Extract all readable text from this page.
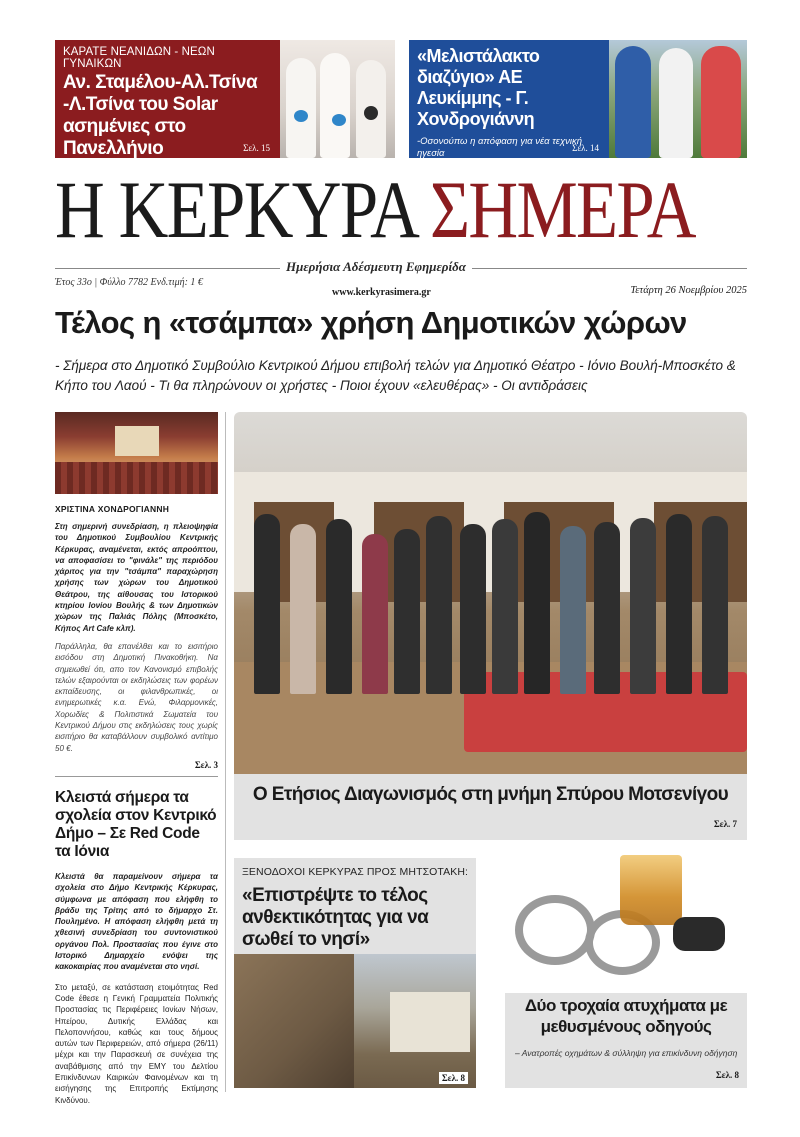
ΚΑΡΑΤΕ ΝΕΑΝΙΔΩΝ - ΝΕΩΝ ΓΥΝΑΙΚΩΝ
Αν. Σταμέλου-Αλ.Τσίνα -Λ.Τσίνα του Solar ασημένιες στο Πανελλήνιο	Σελ. 15
«Μελιστάλακτο διαζύγιο» ΑΕ Λευκίμμης - Γ. Χονδρογιάννη
-Οσονούπω η απόφαση για νέα τεχνική ηγεσία	Σελ. 14
Η ΚΕΡΚΥΡΑ ΣΗΜΕΡΑ
Ημερήσια Αδέσμευτη Εφημερίδα
Έτος 33ο | Φύλλο 7782 Ενδ.τιμή: 1 €
www.kerkyrasimera.gr	Τετάρτη 26 Νοεμβρίου 2025
Τέλος η «τσάμπα» χρήση Δημοτικών χώρων
- Σήμερα στο Δημοτικό Συμβούλιο Κεντρικού Δήμου επιβολή τελών για Δημοτικό Θέατρο - Ιόνιο Βουλή-Μποσκέτο & Κήπο του Λαού - Τι θα πληρώνουν οι χρήστες - Ποιοι έχουν «ελευθέρας» - Οι αντιδράσεις
ΧΡΙΣΤΙΝΑ ΧΟΝΔΡΟΓΙΑΝΝΗ
Στη σημερινή συνεδρίαση, η πλειοψηφία του Δημοτικού Συμβουλίου Κεντρικής Κέρκυρας, αναμένεται, εκτός απροόπτου, να αποφασίσει το "φινάλε" της περιόδου χάριτος για την "τσάμπα" παραχώρηση χρήσης των χώρων του Δημοτικού Θεάτρου, της αίθουσας του Ιστορικού κτηρίου Ιονίου Βουλής & των Δημοτικών χώρων της Παλιάς Πόλης (Μποσκέτο, Κήπος Art Cafe κλπ).
Παράλληλα, θα επανέλθει και το εισιτήριο εισόδου στη Δημοτική Πινακοθήκη. Να σημειωθεί ότι, απο τον Κανονισμό επιβολής τελών εξαιρούνται οι εκδηλώσεις των φορέων εκπαίδευσης, οι φιλανθρωπικές, οι ενημερωτικές κ.α. Ενώ, Φιλαρμονικές, Χορωδίες & Πολιτιστικά Σωματεία του Κεντρικού Δήμου στις εκδηλώσεις τους χωρίς εισιτήριο θα καταβάλλουν συμβολικό αντίτιμο 50 €.
Σελ. 3
Κλειστά σήμερα τα σχολεία στον Κεντρικό Δήμο – Σε Red Code τα Ιόνια
Κλειστά θα παραμείνουν σήμερα τα σχολεία στο Δήμο Κεντρικής Κέρκυρας, σύμφωνα με απόφαση που ελήφθη το βράδυ της Τρίτης από το δήμαρχο Στ. Πουλημένο. Η απόφαση ελήφθη μετά τη χθεσινή συνεδρίαση του συντονιστικού οργάνου Πολ. Προστασίας που έγινε στο Ιστορικό Δημαρχείο ενόψει της κακοκαιρίας που αναμένεται στο νησί.
Στο μεταξύ, σε κατάσταση ετοιμότητας Red Code έθεσε η Γενική Γραμματεία Πολιτικής Προστασίας τις Περιφέρειες Ιονίων Νήσων, Ηπείρου, Δυτικής Ελλάδας και Πελοποννήσου, καθώς και τους δήμους αυτών των Περιφερειών, από σήμερα (26/11) μέχρι και την Παρασκευή σε συνέχεια της αναβάθμισης από την ΕΜΥ του Δελτίου Επικίνδυνων Καιρικών Φαινομένων και τη εισήγησης της Επιτροπής Εκτίμησης Κινδύνου.
Ο Ετήσιος Διαγωνισμός στη μνήμη Σπύρου Μοτσενίγου
Σελ. 7
ΞΕΝΟΔΟΧΟΙ ΚΕΡΚΥΡΑΣ ΠΡΟΣ ΜΗΤΣΟΤΑΚΗ:
«Επιστρέψτε το τέλος ανθεκτικότητας για να σωθεί το νησί»
Σελ. 8
Δύο τροχαία ατυχήματα με μεθυσμένους οδηγούς
– Ανατροπές οχημάτων & σύλληψη για επικίνδυνη οδήγηση
Σελ. 8
